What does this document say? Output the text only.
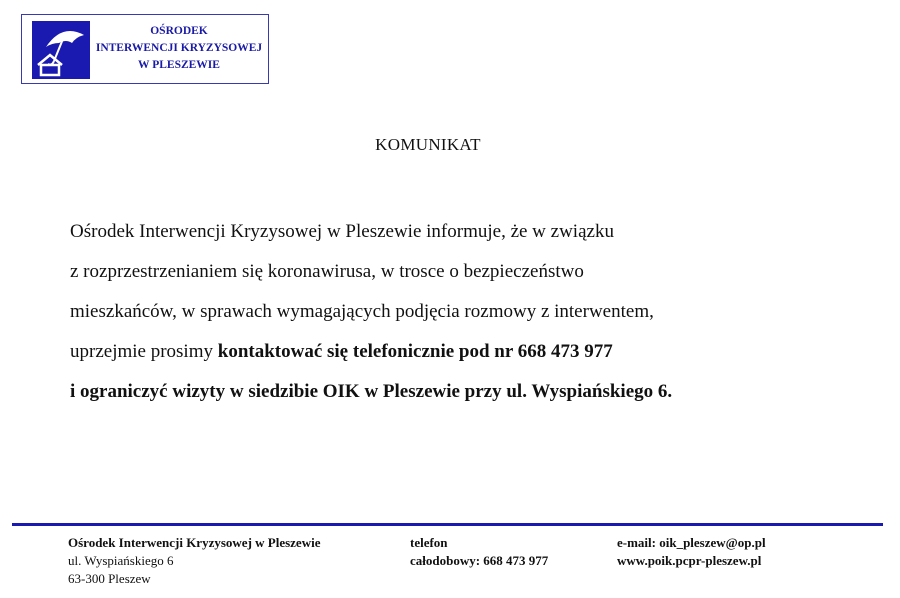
OŚRODEK
INTERWENCJI KRYZYSOWEJ
W PLESZEWIE
KOMUNIKAT
Ośrodek Interwencji Kryzysowej w Pleszewie informuje, że w związku
z rozprzestrzenianiem się koronawirusa, w trosce o bezpieczeństwo
mieszkańców, w sprawach wymagających podjęcia rozmowy z interwentem,
uprzejmie prosimy kontaktować się telefonicznie pod nr 668 473 977
i ograniczyć wizyty w siedzibie OIK w Pleszewie przy ul. Wyspiańskiego 6.
Ośrodek Interwencji Kryzysowej w Pleszewie
ul. Wyspiańskiego 6
63-300 Pleszew
telefon
całodobowy: 668 473 977
e-mail: oik_pleszew@op.pl
www.poik.pcpr-pleszew.pl
